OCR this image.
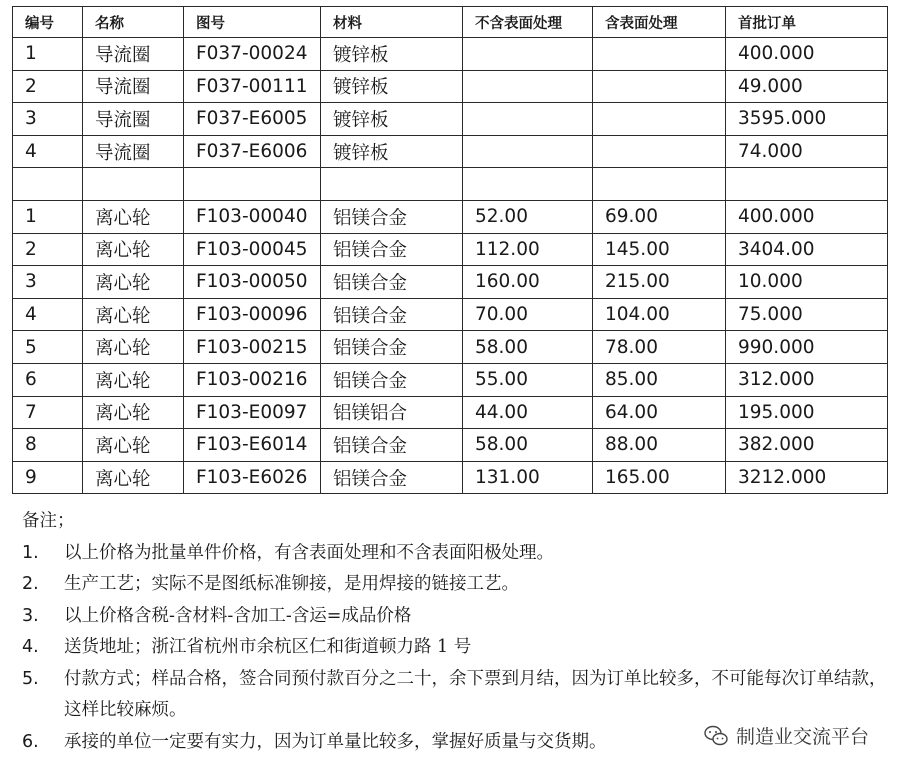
编号	名称	图号	材料	不含表面处理	含表面处理	首批订单
1	导流圈	F037-00024	镀锌板			400.000
2	导流圈	F037-00111	镀锌板			49.000
3	导流圈	F037-E6005	镀锌板			3595.000
4	导流圈	F037-E6006	镀锌板			74.000

1	离心轮	F103-00040	铝镁合金	52.00	69.00	400.000
2	离心轮	F103-00045	铝镁合金	112.00	145.00	3404.00
3	离心轮	F103-00050	铝镁合金	160.00	215.00	10.000
4	离心轮	F103-00096	铝镁合金	70.00	104.00	75.000
5	离心轮	F103-00215	铝镁合金	58.00	78.00	990.000
6	离心轮	F103-00216	铝镁合金	55.00	85.00	312.000
7	离心轮	F103-E0097	铝镁铝合	44.00	64.00	195.000
8	离心轮	F103-E6014	铝镁合金	58.00	88.00	382.000
9	离心轮	F103-E6026	铝镁合金	131.00	165.00	3212.000
备注；
1.	以上价格为批量单件价格，有含表面处理和不含表面阳极处理。
2.	生产工艺；实际不是图纸标准铆接，是用焊接的链接工艺。
3.	以上价格含税-含材料-含加工-含运=成品价格
4.	送货地址；浙江省杭州市余杭区仁和街道顿力路 1 号
5.	付款方式；样品合格，签合同预付款百分之二十，余下票到月结，因为订单比较多，不可能每次订单结款，这样比较麻烦。
6.	承接的单位一定要有实力，因为订单量比较多，掌握好质量与交货期。	制造业交流平台
